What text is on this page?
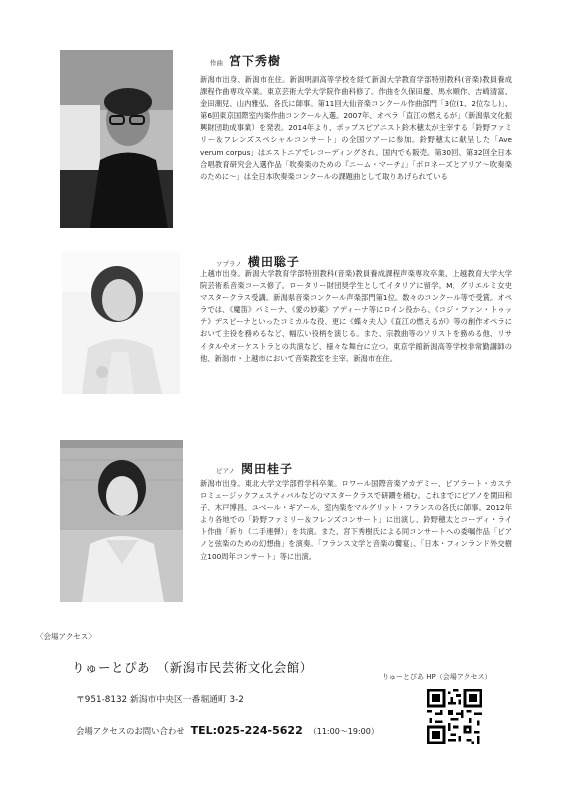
作曲 宮下秀樹

新潟市出身、新潟市在住。新潟明訓高等学校を経て新潟大学教育学部特別教科(音楽)教員養成課程作曲専攻卒業。東京芸術大学大学院作曲科修了。作曲を久保田慶、馬水順作、吉崎清富、金田潮兒、山内雅弘、各氏に師事。第11回大仙音楽コンクール作曲部門「3位(1、2位なし)」、第6回東京国際室内楽作曲コンクール入選。2007年、オペラ「直江の燃えるが」（新潟県文化振興財団助成事業）を発表。2014年より、ポップスピアニスト鈴木穂太が主宰する「鈴野ファミリー＆フレンズスペシャルコンサート」の全国ツアーに参加。鈴野穂太に献呈した「Ave verum corpus」はエストニアでレコーディングされ、国内でも販売。第30回、第32回全日本合唱教育研究会入選作品「吹奏楽のための『ニーム・マーチ』」「ポロネーズとアリア〜吹奏楽のために〜」は全日本吹奏楽コンクールの課題曲として取りあげられている

ソプラノ 横田聡子

上越市出身。新潟大学教育学部特別教科(音楽)教員養成課程声楽専攻卒業、上越教育大学大学院芸術系音楽コース修了。ロータリー財団奨学生としてイタリアに留学。M．グリエルミ女史マスタークラス受講。新潟県音楽コンクール声楽部門第1位。数々のコンクール等で受賞。オペラでは、《魔笛》パミーナ、《愛の妙薬》アディーナ等にロイン役から、《コジ・ファン・トゥッテ》デスピーナといったコミカルな役、更に《蝶々夫人》《直江の燃えるが》等の創作オペラにおいて主役を務めるなど、幅広い役柄を演じる。また、宗教曲等のソリストを務める他、リサイタルやオーケストラとの共演など、様々な舞台に立つ。東京学館新潟高等学校非常勤講師の他、新潟市・上越市において音楽教室を主宰。新潟市在住。

ピアノ 関田桂子

新潟市出身。東北大学文学部哲学科卒業。ロワール国際音楽アカデミー、ピアラート・カステロミュージックフェスティバルなどのマスタークラスで研鑽を積む。これまでにピアノを関田和子、木戸博昌、ユベール・ギアール、室内楽をマルグリット・フランスの各氏に師事。2012年より各地での「鈴野ファミリー＆フレンズコンサート」に出演し、鈴野穂太とコーディ・ライト作曲「祈り（二手連弾）」を共演。また、宮下秀樹氏による同コンサートへの委嘱作品「ピアノと弦楽のための幻想曲」を演奏。「フランス文学と音楽の饗宴」、「日本・フィンランド外交樹立100周年コンサート」等に出演。

〈会場アクセス〉
りゅーとぴあ　（新潟市民芸術文化会館）
〒951-8132 新潟市中央区一番堀通町 3-2
会場アクセスのお問い合わせ TEL:025-224-5622 （11:00〜19:00）
りゅーとぴあ HP（会場アクセス）
